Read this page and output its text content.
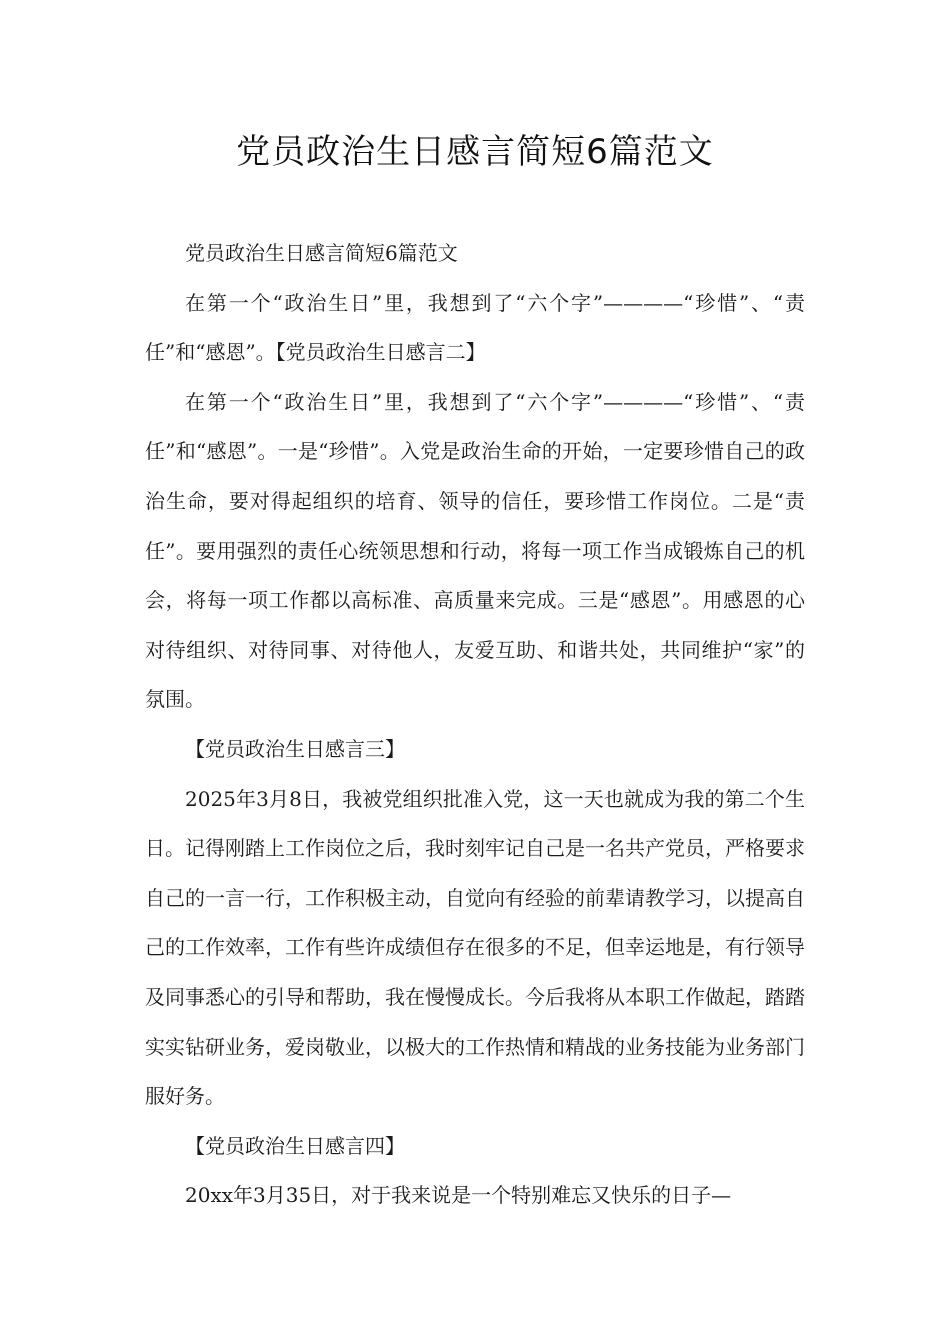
党员政治生日感言简短6篇范文

党员政治生日感言简短6篇范文

在第一个“政治生日”里，我想到了“六个字”————“珍惜”、“责任”和“感恩”。【党员政治生日感言二】

在第一个“政治生日”里，我想到了“六个字”————“珍惜”、“责任”和“感恩”。一是“珍惜”。入党是政治生命的开始，一定要珍惜自己的政治生命，要对得起组织的培育、领导的信任，要珍惜工作岗位。二是“责任”。要用强烈的责任心统领思想和行动，将每一项工作当成锻炼自己的机会，将每一项工作都以高标准、高质量来完成。三是“感恩”。用感恩的心对待组织、对待同事、对待他人，友爱互助、和谐共处，共同维护“家”的氛围。

【党员政治生日感言三】

2025年3月8日，我被党组织批准入党，这一天也就成为我的第二个生日。记得刚踏上工作岗位之后，我时刻牢记自己是一名共产党员，严格要求自己的一言一行，工作积极主动，自觉向有经验的前辈请教学习，以提高自己的工作效率，工作有些许成绩但存在很多的不足，但幸运地是，有行领导及同事悉心的引导和帮助，我在慢慢成长。今后我将从本职工作做起，踏踏实实钻研业务，爱岗敬业，以极大的工作热情和精战的业务技能为业务部门服好务。

【党员政治生日感言四】

20xx年3月35日，对于我来说是一个特别难忘又快乐的日子—
